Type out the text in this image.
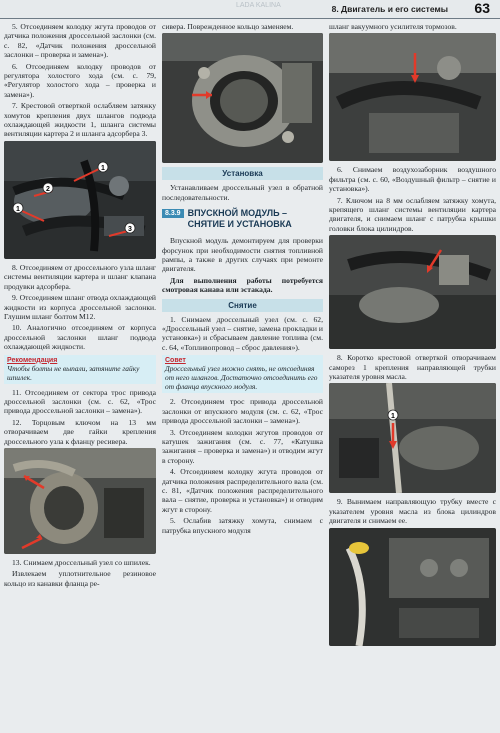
LADA KALINA	8. Двигатель и его системы 63

5. Отсоединяем колодку жгута проводов от датчика положения дроссельной заслонки (см. с. 82, «Датчик положения дроссельной заслонки – проверка и замена»).

6. Отсоединяем колодку проводов от регулятора холостого хода (см. с. 79, «Регулятор холостого хода – проверка и замена»).

7. Крестовой отверткой ослабляем затяжку хомутов крепления двух шлангов подвода охлаждающей жидкости 1, шланга системы вентиляции картера 2 и шланга адсорбера 3.

1
2
3
1

8. Отсоединяем от дроссельного узла шланг системы вентиляции картера и шланг клапана продувки адсорбера.

9. Отсоединяем шланг отвода охлаждающей жидкости из корпуса дроссельной заслонки. Глушим шланг болтом М12.

10. Аналогично отсоединяем от корпуса дроссельной заслонки шланг подвода охлаждающей жидкости.

Рекомендация
Чтобы болты не выпали, затяните гайку шпилек.

11. Отсоединяем от сектора трос привода дроссельной заслонки (см. с. 62, «Трос привода дроссельной заслонки – замена»).

12. Торцовым ключом на 13 мм отворачиваем две гайки крепления дроссельного узла к фланцу ресивера.

13. Снимаем дроссельный узел со шпилек.

Извлекаем уплотнительное резиновое кольцо из канавки фланца ре-

сивера. Поврежденное кольцо заменяем.

Установка

Устанавливаем дроссельный узел в обратной последовательности.

8.3.9 ВПУСКНОЙ МОДУЛЬ – СНЯТИЕ И УСТАНОВКА

Впускной модуль демонтируем для проверки форсунок при необходимости снятия топливной рампы, а также в других случаях при ремонте двигателя.

Для выполнения работы потребуется смотровая канава или эстакада.

Снятие

1. Снимаем дроссельный узел (см. с. 62, «Дроссельный узел – снятие, замена прокладки и установка») и сбрасываем давление топлива (см. с. 64, «Топливопровод – сброс давления»).

Совет
Дроссельный узел можно снять, не отсоединяя от него шлангов. Достаточно отсоединить его от фланца впускного модуля.

2. Отсоединяем трос привода дроссельной заслонки от впускного модуля (см. с. 62, «Трос привода дроссельной заслонки – замена»).

3. Отсоединяем колодки жгутов проводов от катушек зажигания (см. с. 77, «Катушка зажигания – проверка и замена») и отводим жгут в сторону.

4. Отсоединяем колодку жгута проводов от датчика положения распределительного вала (см. с. 81, «Датчик положения распределительного вала – снятие, проверка и установка») и отводим жгут в сторону.

5. Ослабив затяжку хомута, снимаем с патрубка впускного модуля

шланг вакуумного усилителя тормозов.

6. Снимаем воздухозаборник воздушного фильтра (см. с. 60, «Воздушный фильтр – снятие и установка»).

7. Ключом на 8 мм ослабляем затяжку хомута, крепящего шланг системы вентиляции картера двигателя, и снимаем шланг с патрубка крышки головки блока цилиндров.

8. Коротко крестовой отверткой отворачиваем саморез 1 крепления направляющей трубки указателя уровня масла.

1

9. Вынимаем направляющую трубку вместе с указателем уровня масла из блока цилиндров двигателя и снимаем ее.
